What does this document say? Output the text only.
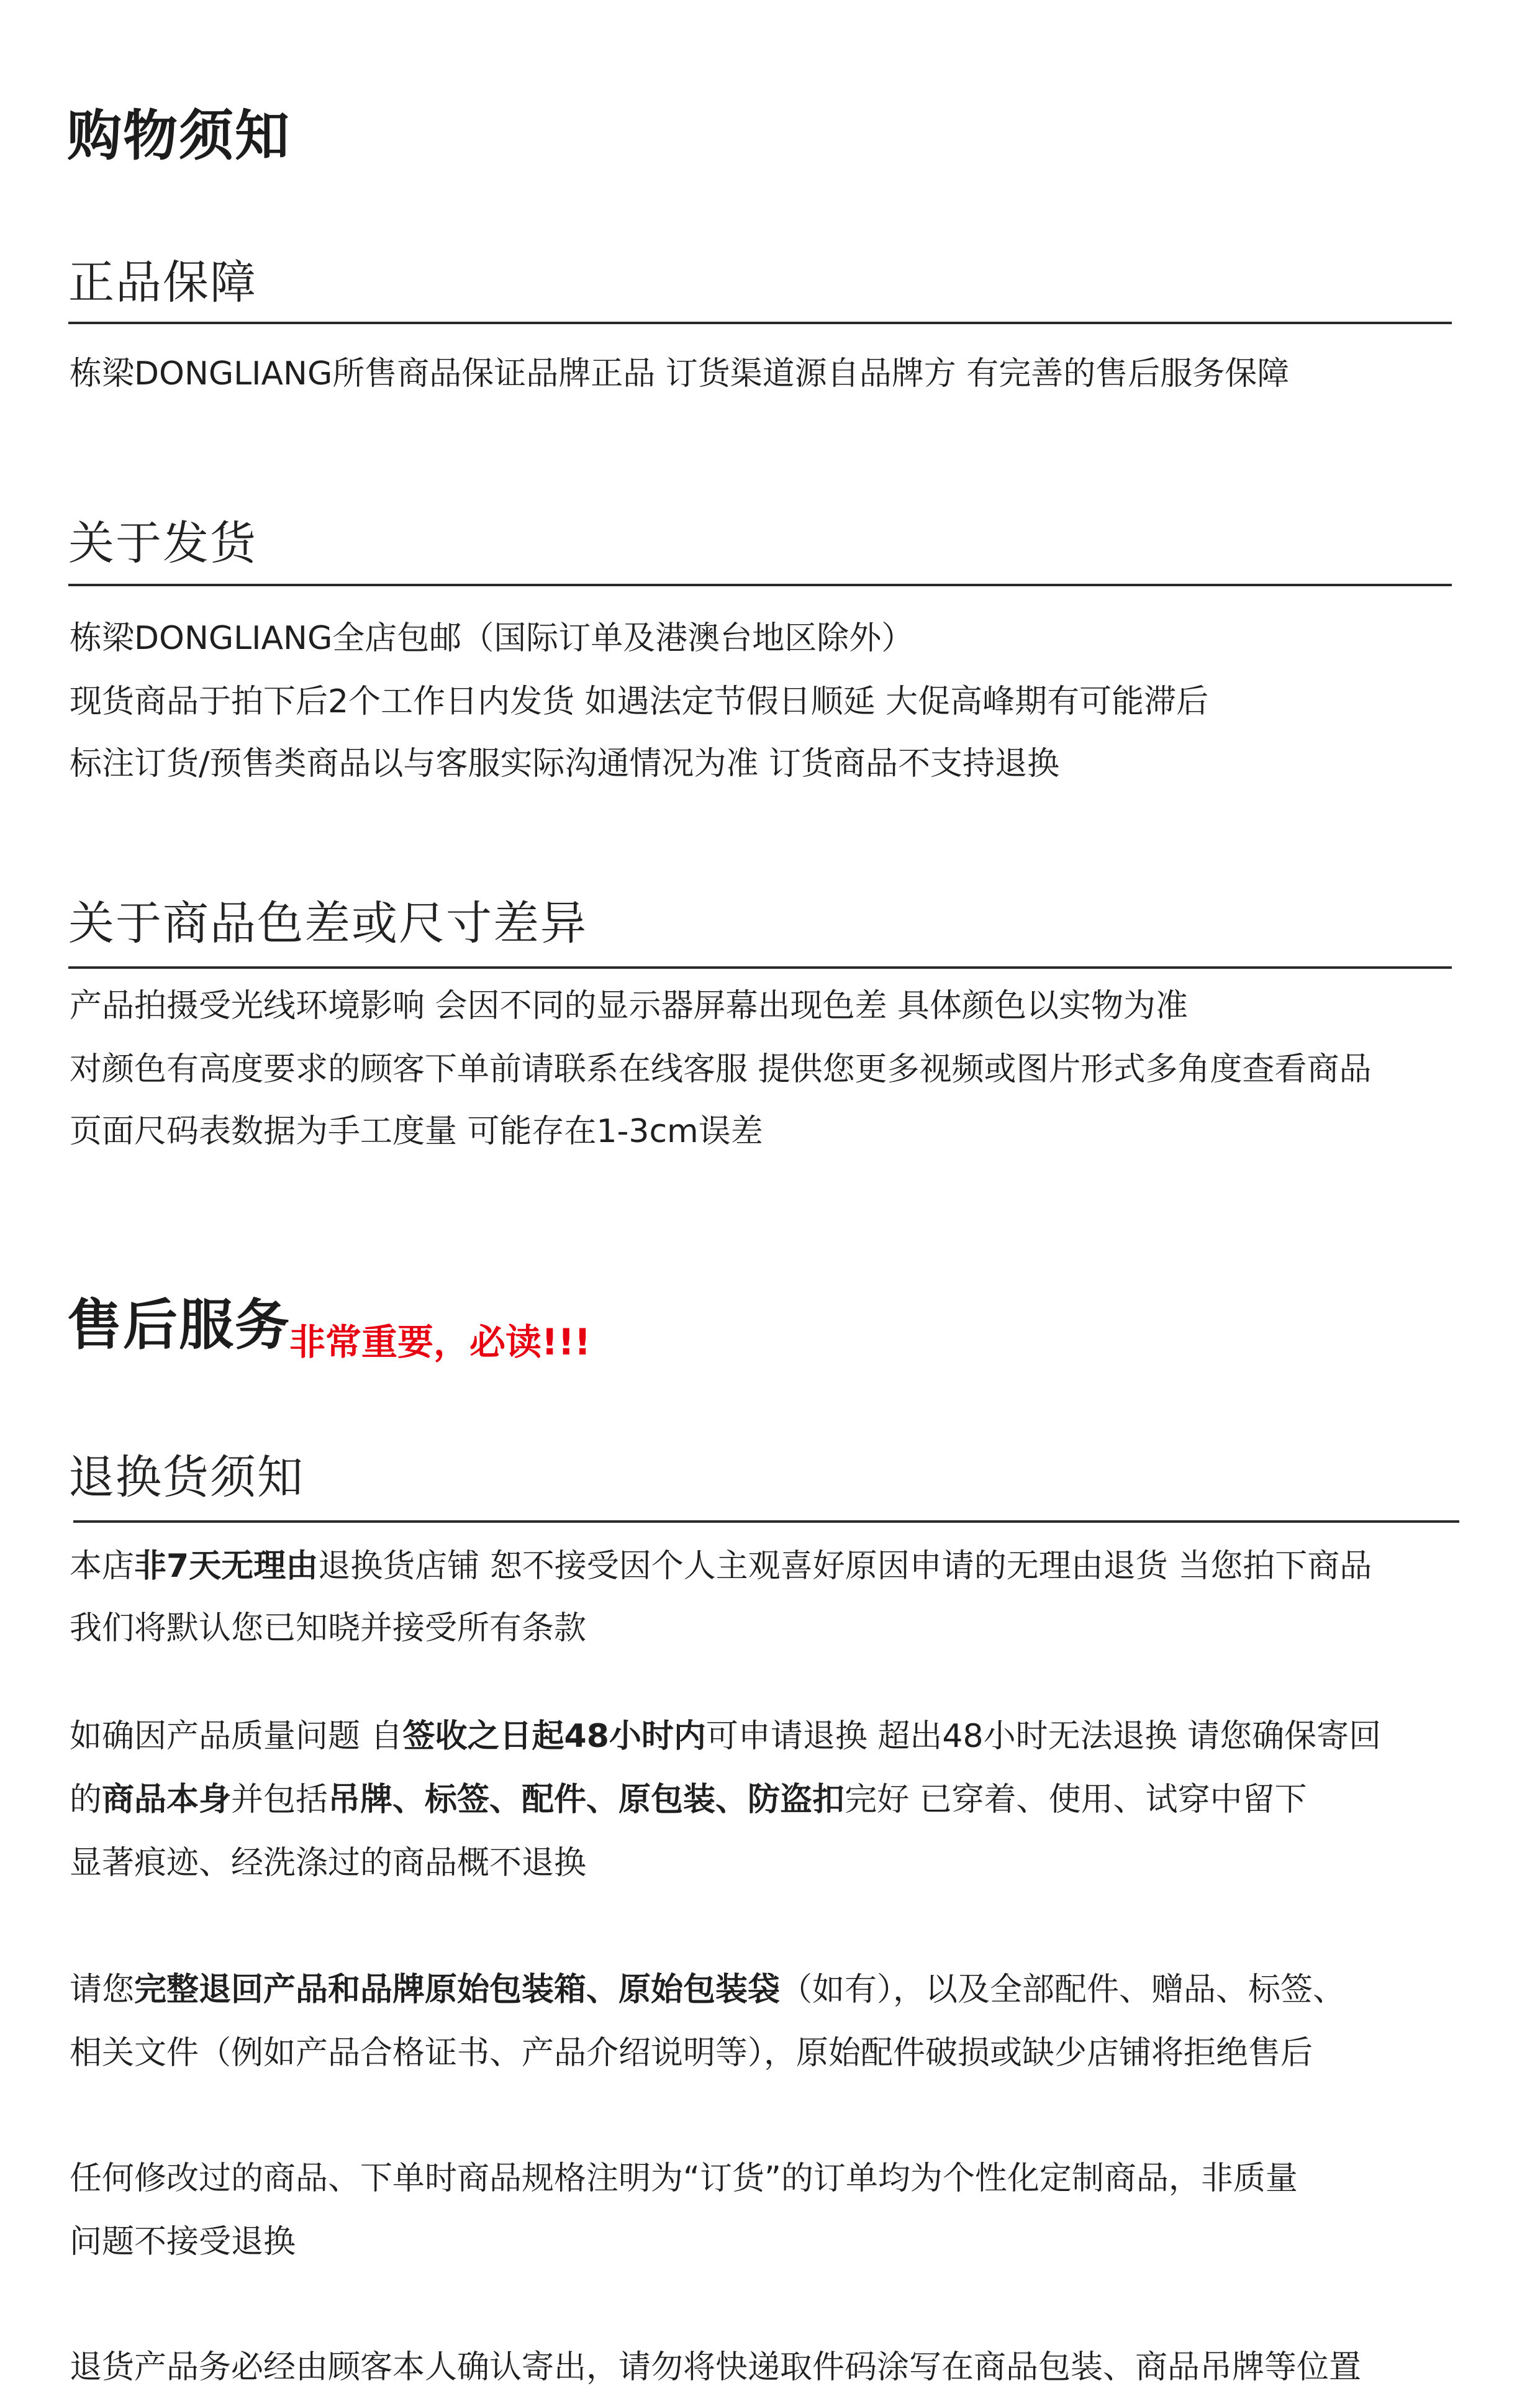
购物须知
正品保障
栋梁DONGLIANG所售商品保证品牌正品 订货渠道源自品牌方 有完善的售后服务保障
关于发货
栋梁DONGLIANG全店包邮（国际订单及港澳台地区除外）
现货商品于拍下后2个工作日内发货 如遇法定节假日顺延 大促高峰期有可能滞后
标注订货/预售类商品以与客服实际沟通情况为准 订货商品不支持退换
关于商品色差或尺寸差异
产品拍摄受光线环境影响 会因不同的显示器屏幕出现色差 具体颜色以实物为准
对颜色有高度要求的顾客下单前请联系在线客服 提供您更多视频或图片形式多角度查看商品
页面尺码表数据为手工度量 可能存在1-3cm误差
售后服务
非常重要，必读!!!
退换货须知
本店非7天无理由退换货店铺 恕不接受因个人主观喜好原因申请的无理由退货 当您拍下商品
我们将默认您已知晓并接受所有条款
如确因产品质量问题 自签收之日起48小时内可申请退换 超出48小时无法退换 请您确保寄回
的商品本身并包括吊牌、标签、配件、原包装、防盗扣完好 已穿着、使用、试穿中留下
显著痕迹、经洗涤过的商品概不退换
请您完整退回产品和品牌原始包装箱、原始包装袋（如有），以及全部配件、赠品、标签、
相关文件（例如产品合格证书、产品介绍说明等），原始配件破损或缺少店铺将拒绝售后
任何修改过的商品、下单时商品规格注明为“订货”的订单均为个性化定制商品，非质量
问题不接受退换
退货产品务必经由顾客本人确认寄出，请勿将快递取件码涂写在商品包装、商品吊牌等位置
